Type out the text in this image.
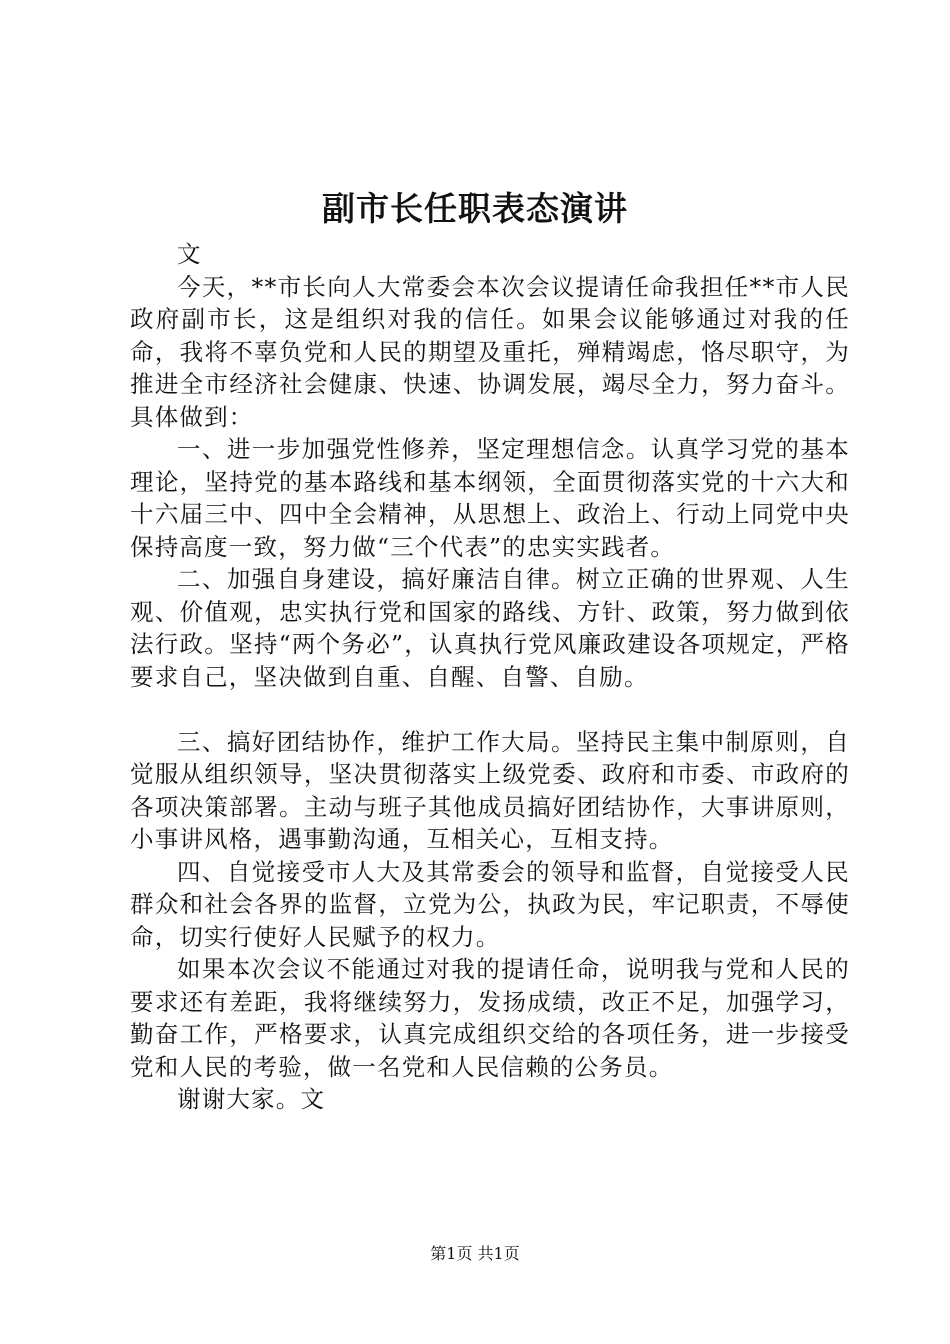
副市长任职表态演讲

文

今天，**市长向人大常委会本次会议提请任命我担任**市人民政府副市长，这是组织对我的信任。如果会议能够通过对我的任命，我将不辜负党和人民的期望及重托，殚精竭虑，恪尽职守，为推进全市经济社会健康、快速、协调发展，竭尽全力，努力奋斗。具体做到：

一、进一步加强党性修养，坚定理想信念。认真学习党的基本理论，坚持党的基本路线和基本纲领，全面贯彻落实党的十六大和十六届三中、四中全会精神，从思想上、政治上、行动上同党中央保持高度一致，努力做“三个代表”的忠实实践者。

二、加强自身建设，搞好廉洁自律。树立正确的世界观、人生观、价值观，忠实执行党和国家的路线、方针、政策，努力做到依法行政。坚持“两个务必”，认真执行党风廉政建设各项规定，严格要求自己，坚决做到自重、自醒、自警、自励。

三、搞好团结协作，维护工作大局。坚持民主集中制原则，自觉服从组织领导，坚决贯彻落实上级党委、政府和市委、市政府的各项决策部署。主动与班子其他成员搞好团结协作，大事讲原则，小事讲风格，遇事勤沟通，互相关心，互相支持。

四、自觉接受市人大及其常委会的领导和监督，自觉接受人民群众和社会各界的监督，立党为公，执政为民，牢记职责，不辱使命，切实行使好人民赋予的权力。

如果本次会议不能通过对我的提请任命，说明我与党和人民的要求还有差距，我将继续努力，发扬成绩，改正不足，加强学习，勤奋工作，严格要求，认真完成组织交给的各项任务，进一步接受党和人民的考验，做一名党和人民信赖的公务员。

谢谢大家。文

第1页 共1页
